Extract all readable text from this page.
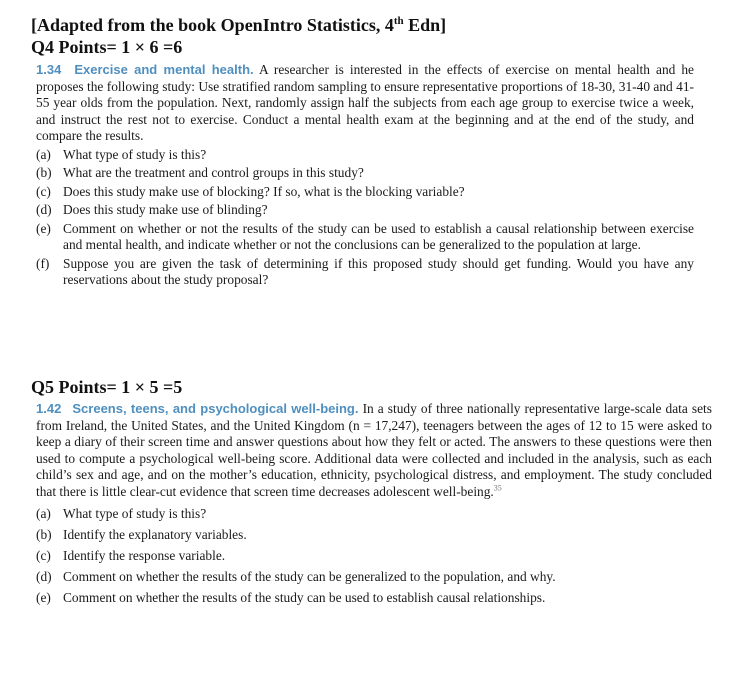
[Adapted from the book OpenIntro Statistics, 4th Edn]
Q4 Points= 1 × 6 =6

1.34 Exercise and mental health. A researcher is interested in the effects of exercise on mental health and he proposes the following study: Use stratified random sampling to ensure representative proportions of 18-30, 31-40 and 41- 55 year olds from the population. Next, randomly assign half the subjects from each age group to exercise twice a week, and instruct the rest not to exercise. Conduct a mental health exam at the beginning and at the end of the study, and compare the results.

(a) What type of study is this?
(b) What are the treatment and control groups in this study?
(c) Does this study make use of blocking? If so, what is the blocking variable?
(d) Does this study make use of blinding?
(e) Comment on whether or not the results of the study can be used to establish a causal relationship between exercise and mental health, and indicate whether or not the conclusions can be generalized to the population at large.
(f)	Suppose you are given the task of determining if this proposed study should get funding. Would you have any reservations about the study proposal?
Q5 Points= 1 × 5 =5

1.42 Screens, teens, and psychological well-being. In a study of three nationally representative large-scale data sets from Ireland, the United States, and the United Kingdom (n = 17,247), teenagers between the ages of 12 to 15 were asked to keep a diary of their screen time and answer questions about how they felt or acted. The answers to these questions were then used to compute a psychological well-being score. Additional data were collected and included in the analysis, such as each child’s sex and age, and on the mother’s education, ethnicity, psychological distress, and employment. The study concluded that there is little clear-cut evidence that screen time decreases adolescent well-being.$^{35}$

(a) What type of study is this?
(b) Identify the explanatory variables.
(c) Identify the response variable.
(d) Comment on whether the results of the study can be generalized to the population, and why.
(e) Comment on whether the results of the study can be used to establish causal relationships.
